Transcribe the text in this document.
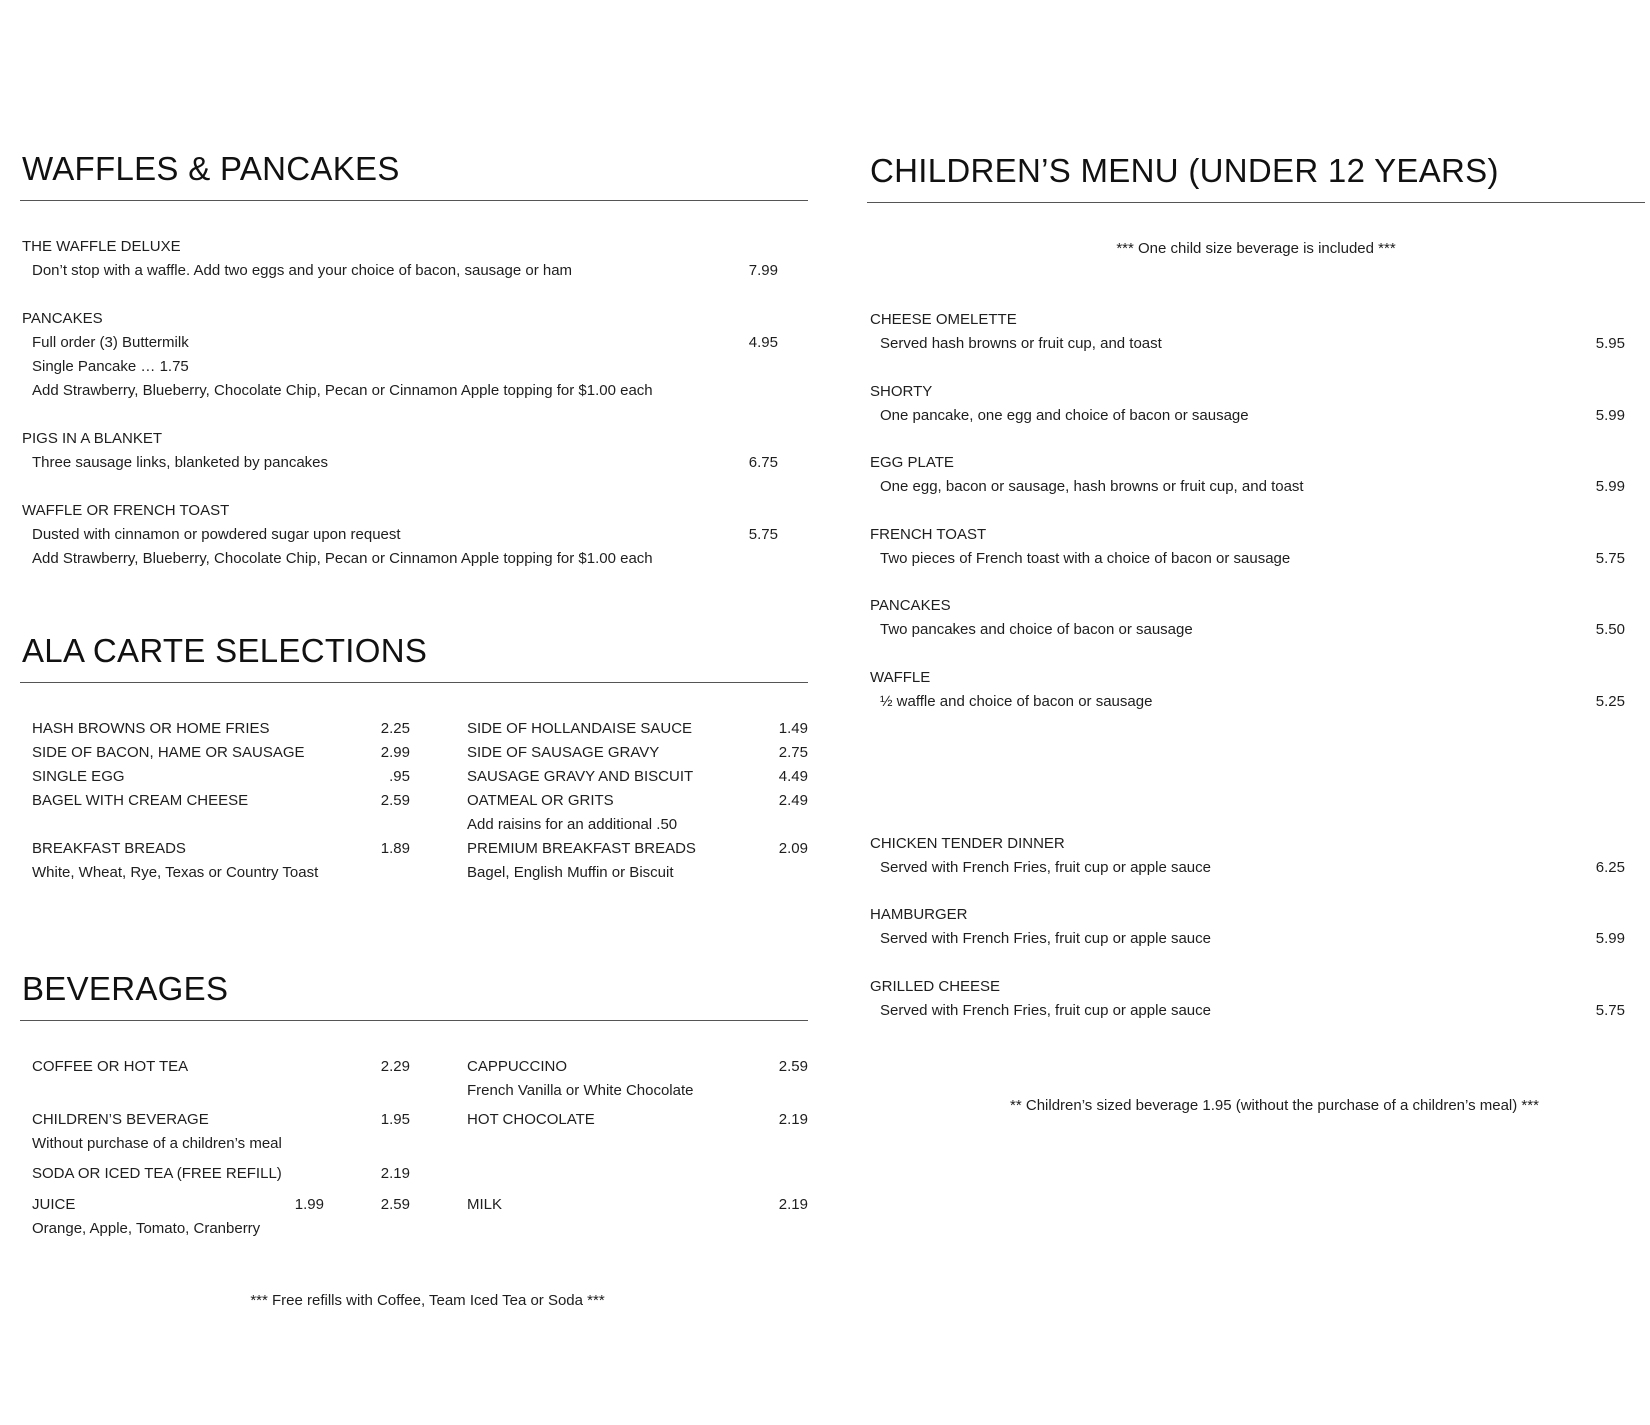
WAFFLES & PANCAKES
THE WAFFLE DELUXE
Don’t stop with a waffle. Add two eggs and your choice of bacon, sausage or ham	7.99
PANCAKES
Full order (3) Buttermilk	4.95
Single Pancake … 1.75
Add Strawberry, Blueberry, Chocolate Chip, Pecan or Cinnamon Apple topping for $1.00 each
PIGS IN A BLANKET
Three sausage links, blanketed by pancakes	6.75
WAFFLE OR FRENCH TOAST
Dusted with cinnamon or powdered sugar upon request	5.75
Add Strawberry, Blueberry, Chocolate Chip, Pecan or Cinnamon Apple topping for $1.00 each
ALA CARTE SELECTIONS
HASH BROWNS OR HOME FRIES	2.25
SIDE OF BACON, HAME OR SAUSAGE	2.99
SINGLE EGG	.95
BAGEL WITH CREAM CHEESE	2.59
BREAKFAST BREADS	1.89
White, Wheat, Rye, Texas or Country Toast
SIDE OF HOLLANDAISE SAUCE	1.49
SIDE OF SAUSAGE GRAVY	2.75
SAUSAGE GRAVY AND BISCUIT	4.49
OATMEAL OR GRITS	2.49
Add raisins for an additional .50
PREMIUM BREAKFAST BREADS	2.09
Bagel, English Muffin or Biscuit
BEVERAGES
COFFEE OR HOT TEA	2.29
CHILDREN’S BEVERAGE	1.95
Without purchase of a children’s meal
SODA OR ICED TEA (FREE REFILL)	2.19
JUICE	1.99	2.59
Orange, Apple, Tomato, Cranberry
CAPPUCCINO	2.59
French Vanilla or White Chocolate
HOT CHOCOLATE	2.19
MILK	2.19
*** Free refills with Coffee, Team Iced Tea or Soda ***
CHILDREN’S MENU (UNDER 12 YEARS)
*** One child size beverage is included ***
CHEESE OMELETTE
Served hash browns or fruit cup, and toast	5.95
SHORTY
One pancake, one egg and choice of bacon or sausage	5.99
EGG PLATE
One egg, bacon or sausage, hash browns or fruit cup, and toast	5.99
FRENCH TOAST
Two pieces of French toast with a choice of bacon or sausage	5.75
PANCAKES
Two pancakes and choice of bacon or sausage	5.50
WAFFLE
½ waffle and choice of bacon or sausage	5.25
CHICKEN TENDER DINNER
Served with French Fries, fruit cup or apple sauce	6.25
HAMBURGER
Served with French Fries, fruit cup or apple sauce	5.99
GRILLED CHEESE
Served with French Fries, fruit cup or apple sauce	5.75
** Children’s sized beverage 1.95 (without the purchase of a children’s meal) ***
